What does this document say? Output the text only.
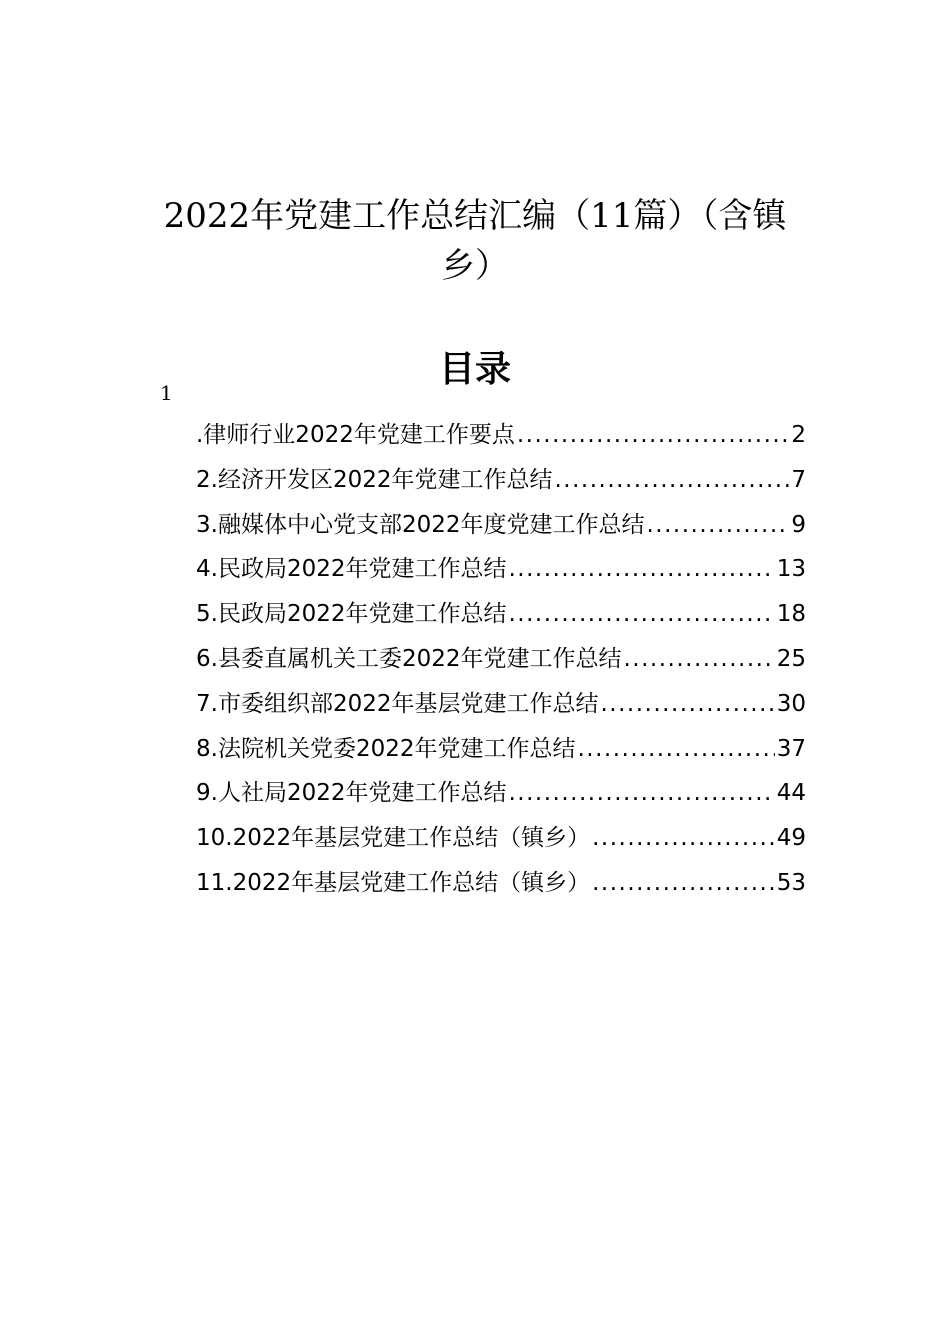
2022年党建工作总结汇编（11篇）（含镇乡）
目录
1
.律师行业2022年党建工作要点 .....	2
2.经济开发区2022年党建工作总结 .....	7
3.融媒体中心党支部2022年度党建工作总结 .....	9
4.民政局2022年党建工作总结 .....	13
5.民政局2022年党建工作总结 .....	18
6.县委直属机关工委2022年党建工作总结 .....	25
7.市委组织部2022年基层党建工作总结 .....	30
8.法院机关党委2022年党建工作总结 .....	37
9.人社局2022年党建工作总结 .....	44
10.2022年基层党建工作总结（镇乡） .....	49
11.2022年基层党建工作总结（镇乡） .....	53
